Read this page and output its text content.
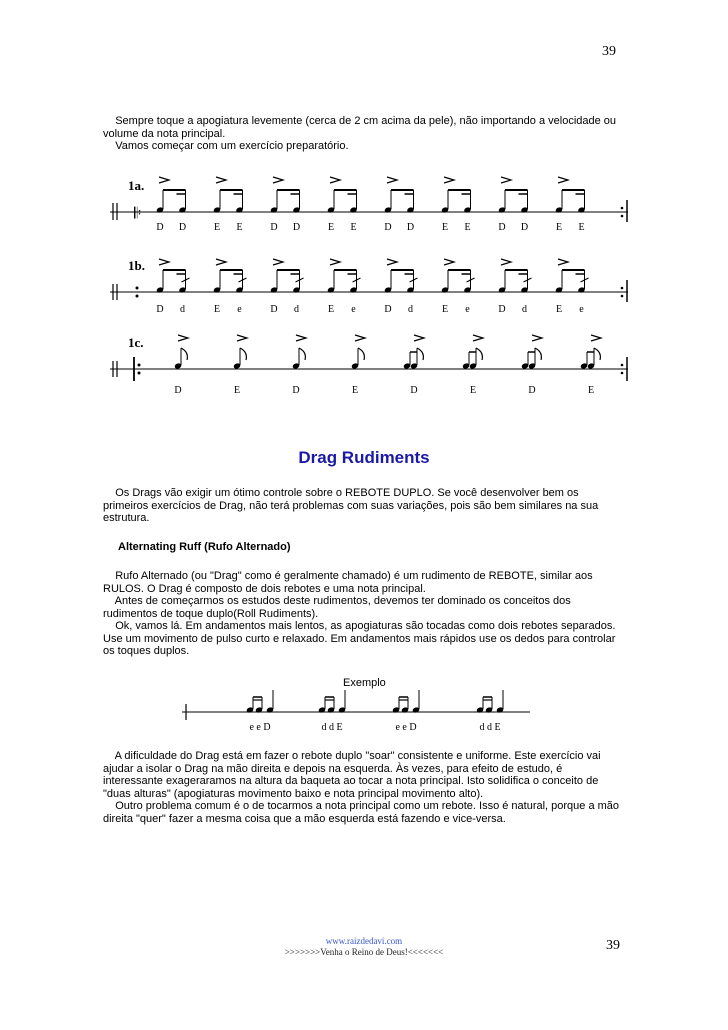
39
Sempre toque a apogiatura levemente (cerca de 2 cm acima da pele), não importando a velocidade ou
volume da nota principal.
Vamos começar com um exercício preparatório.
1a.
𝄆
D D	E E	D D	E E	D D	E E	D D	E E
1b.
D d	E e	D d	E e	D d	E e	D d	E e
1c.
D	E	D	E	D	E	D	E
Drag Rudiments
Os Drags vão exigir um ótimo controle sobre o REBOTE DUPLO. Se você desenvolver bem os
primeiros exercícios de Drag, não terá problemas com suas variações, pois são bem similares na sua
estrutura.
Alternating Ruff (Rufo Alternado)
Rufo Alternado (ou "Drag" como é geralmente chamado) é um rudimento de REBOTE, similar aos
RULOS. O Drag é composto de dois rebotes e uma nota principal.
Antes de começarmos os estudos deste rudimentos, devemos ter dominado os conceitos dos
rudimentos de toque duplo(Roll Rudiments).
Ok, vamos lá. Em andamentos mais lentos, as apogiaturas são tocadas como dois rebotes separados.
Use um movimento de pulso curto e relaxado. Em andamentos mais rápidos use os dedos para controlar
os toques duplos.
Exemplo
e e D	d d E	e e D	d d E
A dificuldade do Drag está em fazer o rebote duplo "soar" consistente e uniforme. Este exercício vai
ajudar a isolar o Drag na mão direita e depois na esquerda. Às vezes, para efeito de estudo, é
interessante exageraramos na altura da baqueta ao tocar a nota principal. Isto solidifica o conceito de
"duas alturas" (apogiaturas movimento baixo e nota principal movimento alto).
Outro problema comum é o de tocarmos a nota principal como um rebote. Isso é natural, porque a mão
direita "quer" fazer a mesma coisa que a mão esquerda está fazendo e vice-versa.
www.raizdedavi.com
>>>>>>>Venha o Reino de Deus!<<<<<<<	39
